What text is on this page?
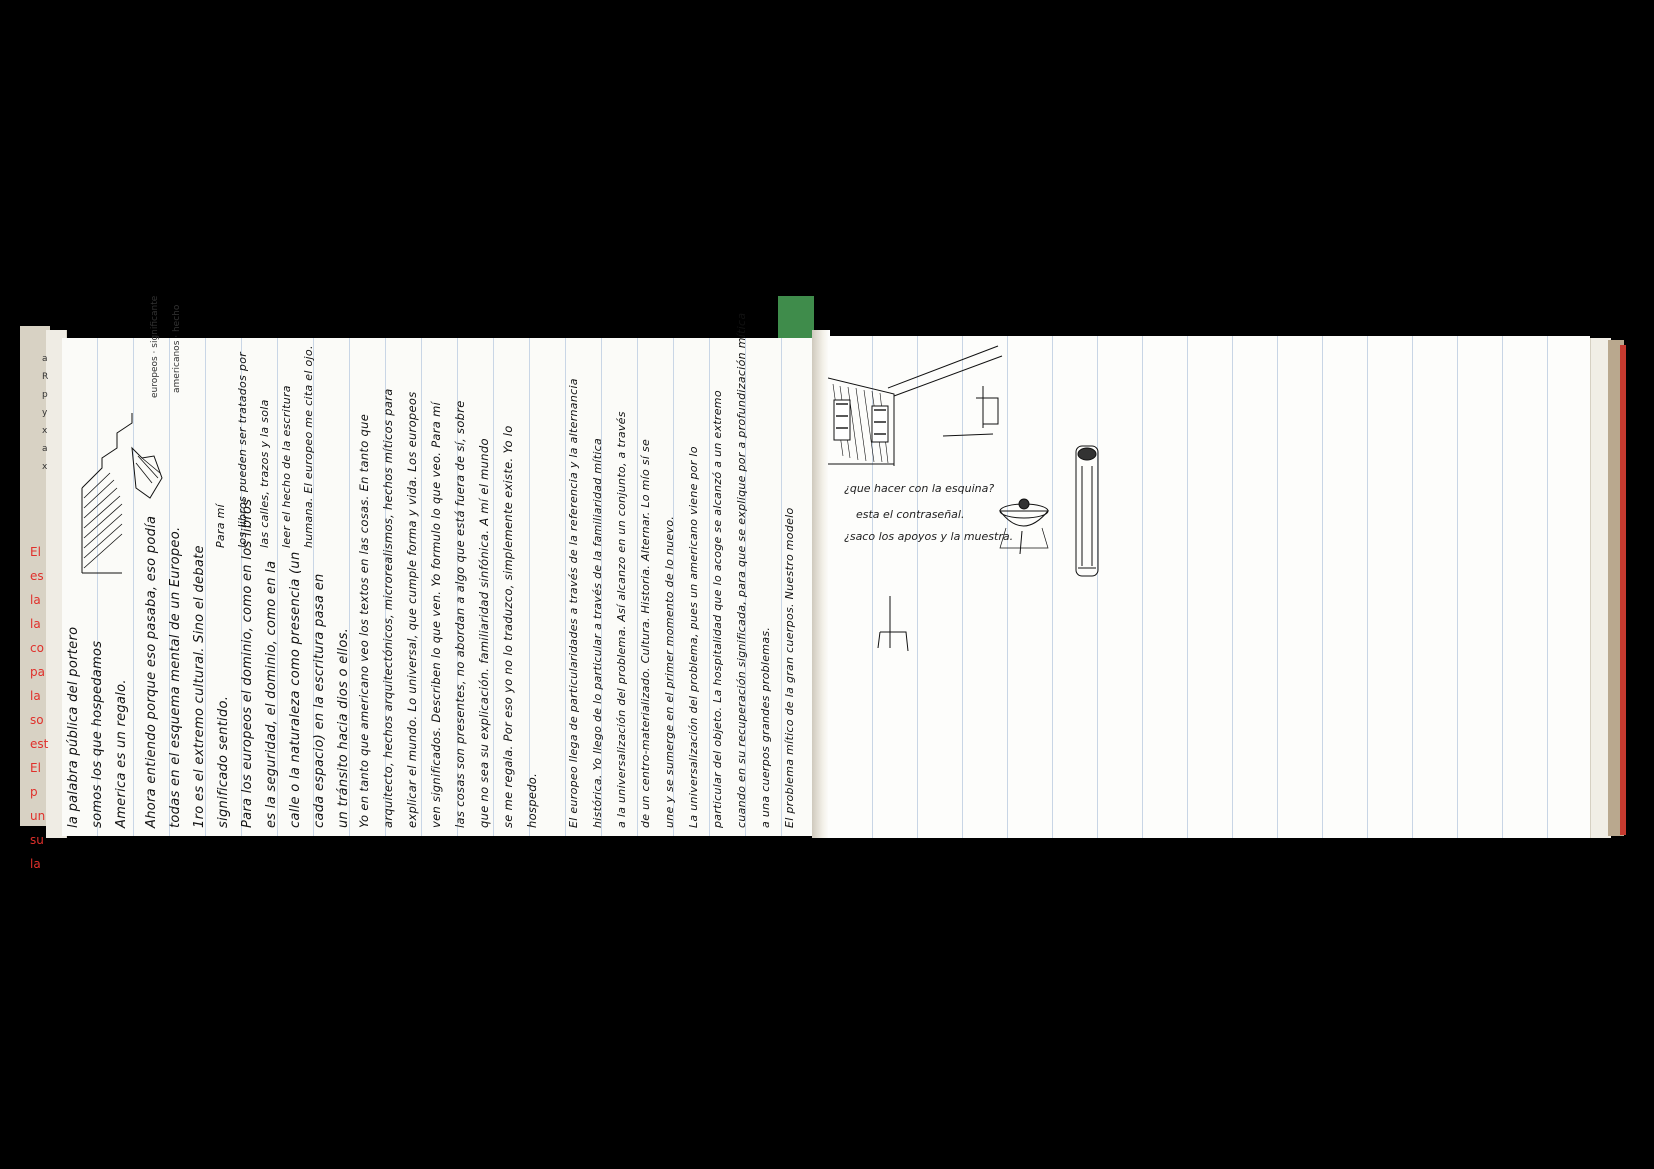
europeos · significante americanos · hecho
la palabra pública del portero somos los que hospedamos America es un regalo.	Ahora entiendo porque eso pasaba, eso podía todas en el esquema mental de un Europeo. 1ro es el extremo cultural. Sino el debate significado sentido. Para los europeos el dominio, como en los libros es la seguridad, el dominio, como en la calle o la naturaleza como presencia (un cada espacio) en la escritura pasa en un tránsito hacia dios o ellos.
Para mí los libros pueden ser tratados por las calles, trazos y la sola leer el hecho de la escritura humana. El europeo me cita el ojo.	Yo en tanto que americano veo los textos en las cosas. En tanto que arquitecto, hechos arquitectónicos, microrealismos, hechos míticos para explicar el mundo. Lo universal, que cumple forma y vida. Los europeos ven significados. Describen lo que ven. Yo formulo lo que veo. Para mí las cosas son presentes, no abordan a algo que está fuera de sí, sobre que no sea su explicación. familiaridad sinfónica. A mí el mundo se me regala. Por eso yo no lo traduzco, simplemente existe. Yo lo hospedo.	El europeo llega de particularidades a través de la referencia y la alternancia	histórica. Yo llego de lo particular a través de la familiaridad mítica	a la universalización del problema. Así alcanzo en un conjunto, a través	de un centro-materializado. Cultura. Historia. Alternar. Lo mío sí se	une y se sumerge en el primer momento de lo nuevo.	La universalización del problema, pues un americano viene por lo	particular del objeto. La hospitalidad que lo acoge se alcanzó a un extremo	cuando en su recuperación significada, para que se explique por a profundización mítica	a una cuerpos grandes problemas.	El problema mítico de la gran cuerpos. Nuestro modelo
El
es
la
la
co
pa
la
so
est
El
p
un
su
la
a
R
p
y
x
a
x
¿que hacer con la esquina?
esta el contraseñal.
¿saco los apoyos y la muestra.
